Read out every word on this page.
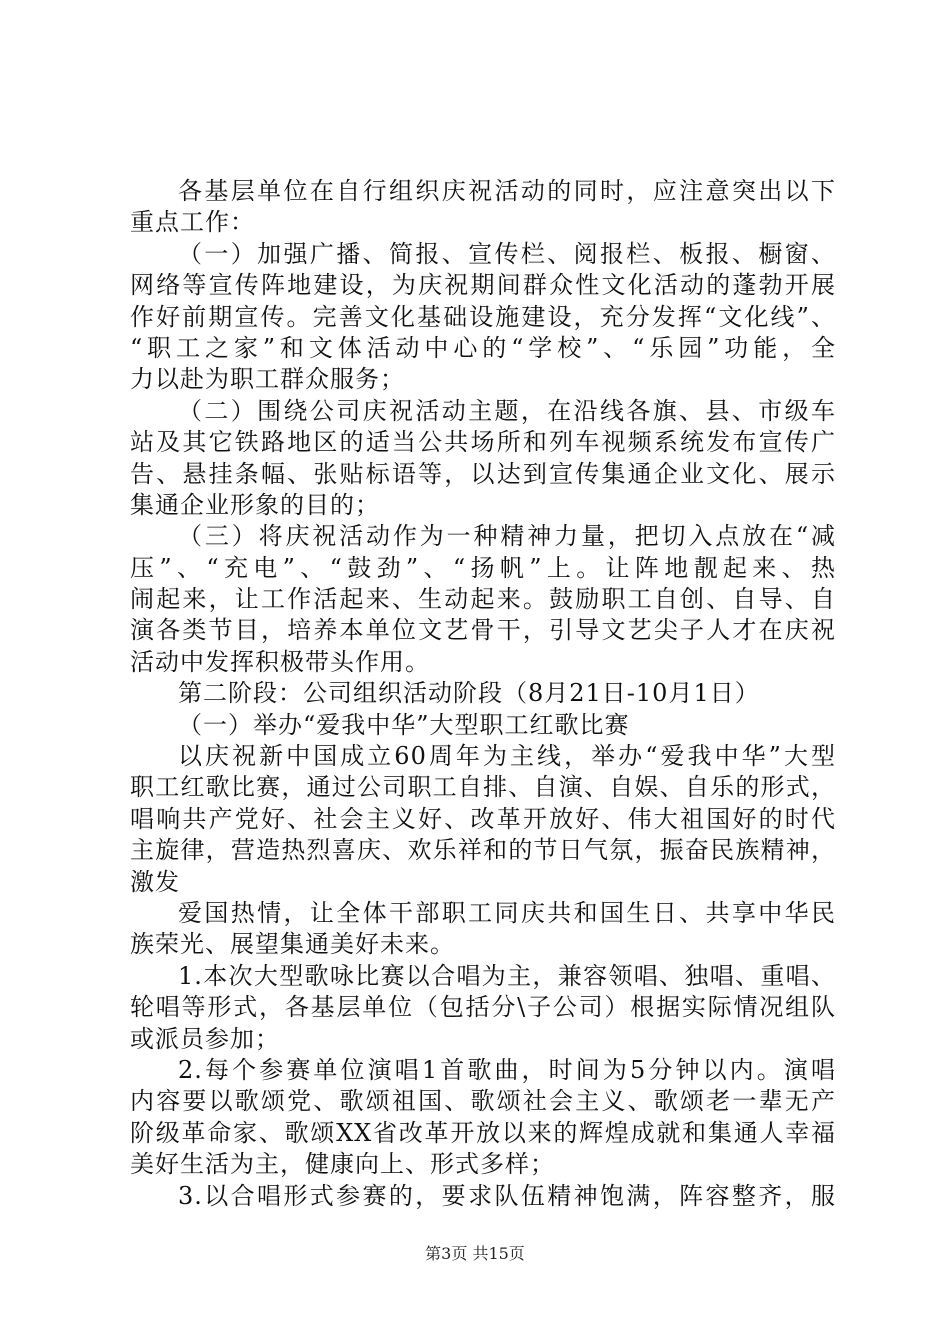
各基层单位在自行组织庆祝活动的同时，应注意突出以下
重点工作：
（一）加强广播、简报、宣传栏、阅报栏、板报、橱窗、
网络等宣传阵地建设，为庆祝期间群众性文化活动的蓬勃开展
作好前期宣传。完善文化基础设施建设，充分发挥“文化线”、
“职工之家”和文体活动中心的“学校”、“乐园”功能，全
力以赴为职工群众服务；
（二）围绕公司庆祝活动主题，在沿线各旗、县、市级车
站及其它铁路地区的适当公共场所和列车视频系统发布宣传广
告、悬挂条幅、张贴标语等，以达到宣传集通企业文化、展示
集通企业形象的目的；
（三）将庆祝活动作为一种精神力量，把切入点放在“减
压”、“充电”、“鼓劲”、“扬帆”上。让阵地靓起来、热
闹起来，让工作活起来、生动起来。鼓励职工自创、自导、自
演各类节目，培养本单位文艺骨干，引导文艺尖子人才在庆祝
活动中发挥积极带头作用。
第二阶段：公司组织活动阶段（8月21日-10月1日）
（一）举办“爱我中华”大型职工红歌比赛
以庆祝新中国成立60周年为主线，举办“爱我中华”大型
职工红歌比赛，通过公司职工自排、自演、自娱、自乐的形式，
唱响共产党好、社会主义好、改革开放好、伟大祖国好的时代
主旋律，营造热烈喜庆、欢乐祥和的节日气氛，振奋民族精神，
激发
爱国热情，让全体干部职工同庆共和国生日、共享中华民
族荣光、展望集通美好未来。
1.本次大型歌咏比赛以合唱为主，兼容领唱、独唱、重唱、
轮唱等形式，各基层单位（包括分\子公司）根据实际情况组队
或派员参加；
2.每个参赛单位演唱1首歌曲，时间为5分钟以内。演唱
内容要以歌颂党、歌颂祖国、歌颂社会主义、歌颂老一辈无产
阶级革命家、歌颂XX省改革开放以来的辉煌成就和集通人幸福
美好生活为主，健康向上、形式多样；
3.以合唱形式参赛的，要求队伍精神饱满，阵容整齐，服
第3页 共15页
